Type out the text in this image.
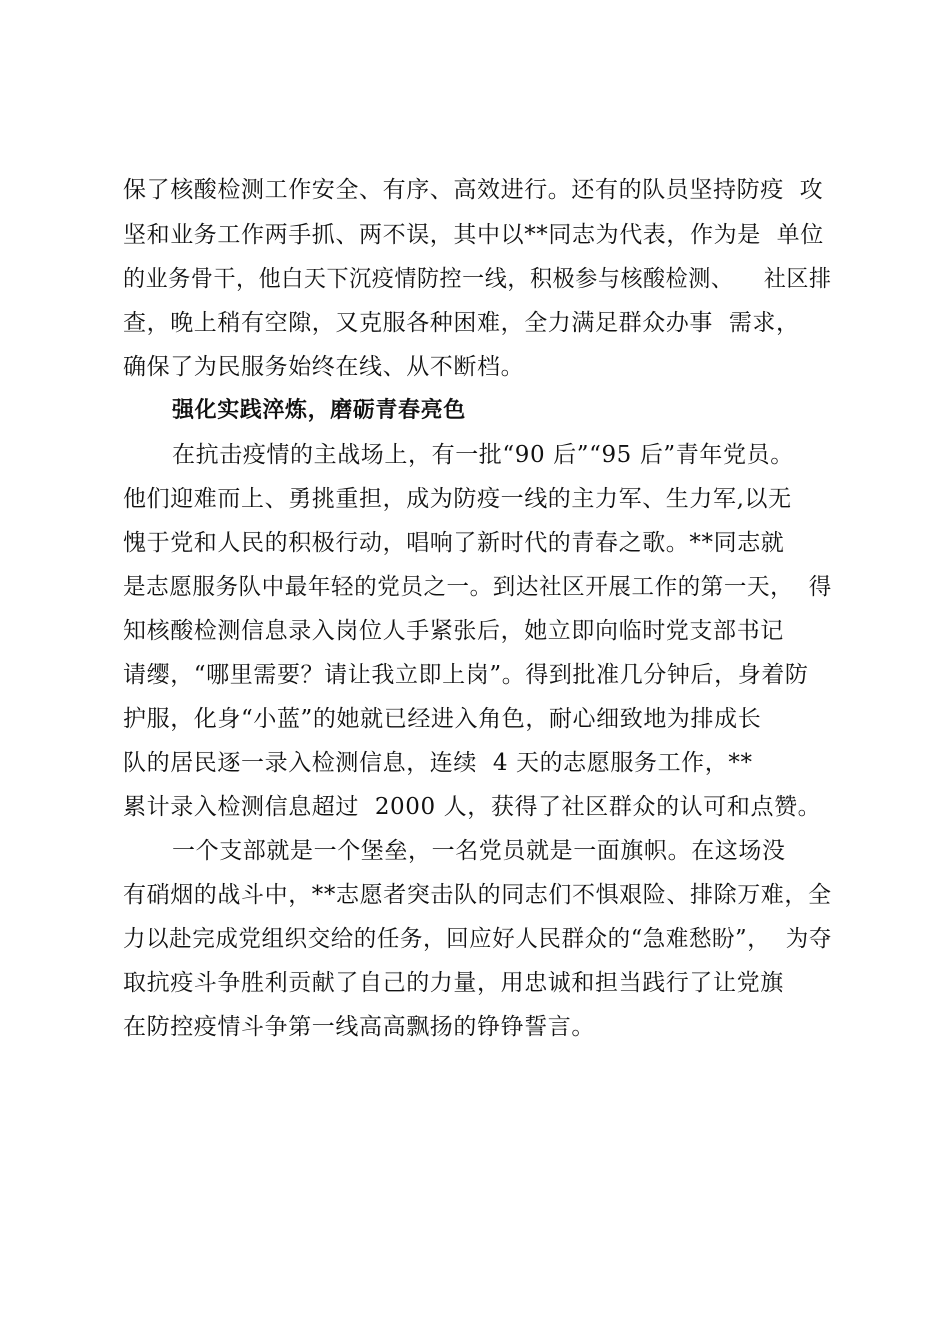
保了核酸检测工作安全、有序、高效进行。还有的队员坚持防疫  攻
坚和业务工作两手抓、两不误，其中以**同志为代表，作为是  单位
的业务骨干，他白天下沉疫情防控一线，积极参与核酸检测、    社区排
查，晚上稍有空隙，又克服各种困难，全力满足群众办事  需求，
确保了为民服务始终在线、从不断档。
强化实践淬炼，磨砺青春亮色
在抗击疫情的主战场上，有一批“90 后”“95 后”青年党员。
他们迎难而上、勇挑重担，成为防疫一线的主力军、生力军,以无
愧于党和人民的积极行动，唱响了新时代的青春之歌。**同志就
是志愿服务队中最年轻的党员之一。到达社区开展工作的第一天，  得
知核酸检测信息录入岗位人手紧张后，她立即向临时党支部书记
请缨，“哪里需要？请让我立即上岗”。得到批准几分钟后，身着防
护服，化身“小蓝”的她就已经进入角色，耐心细致地为排成长
队的居民逐一录入检测信息，连续  4 天的志愿服务工作，**
累计录入检测信息超过  2000 人，获得了社区群众的认可和点赞。
一个支部就是一个堡垒，一名党员就是一面旗帜。在这场没
有硝烟的战斗中，**志愿者突击队的同志们不惧艰险、排除万难，全
力以赴完成党组织交给的任务，回应好人民群众的“急难愁盼”，  为夺
取抗疫斗争胜利贡献了自己的力量，用忠诚和担当践行了让党旗
在防控疫情斗争第一线高高飘扬的铮铮誓言。
